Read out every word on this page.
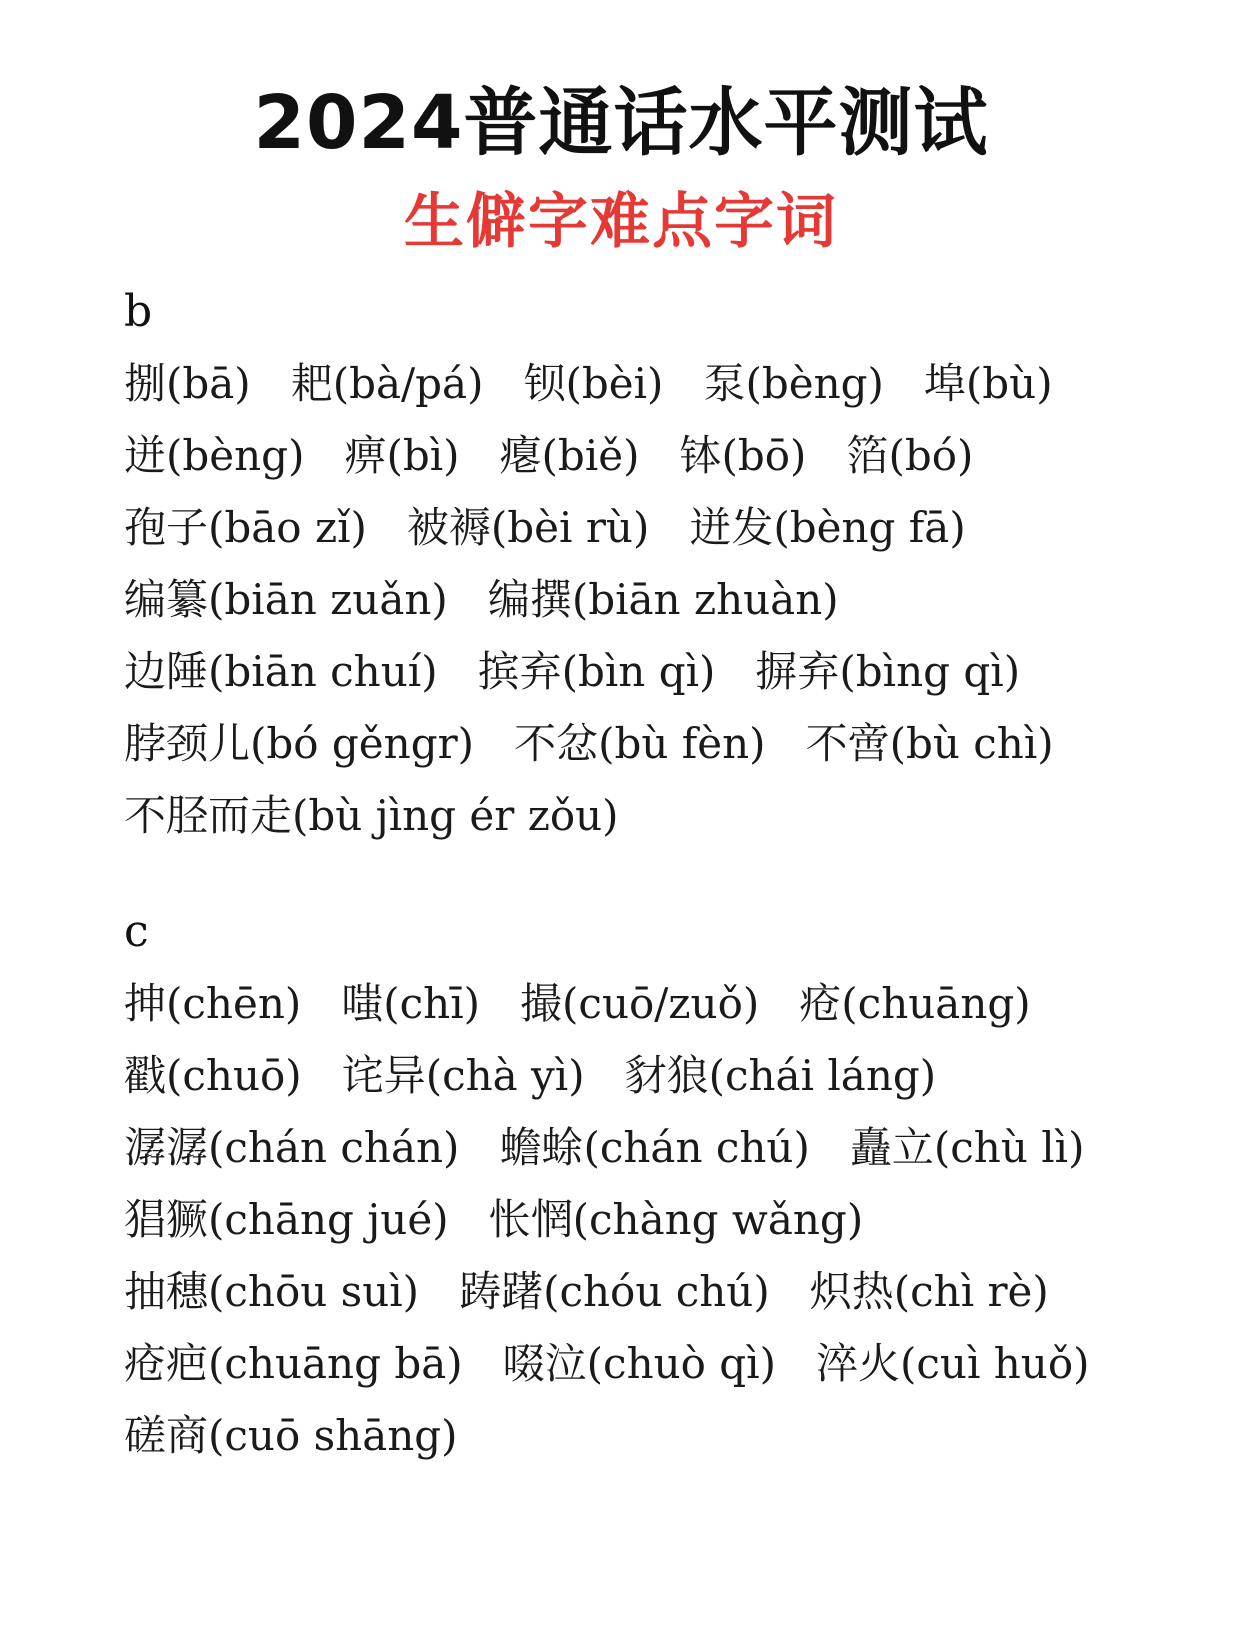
2024普通话水平测试
生僻字难点字词
b
捌(bā) 耙(bà/pá) 钡(bèi) 泵(bèng) 埠(bù)
迸(bèng) 痹(bì) 瘪(biě) 钵(bō) 箔(bó)
孢子(bāo zǐ) 被褥(bèi rù) 迸发(bèng fā)
编纂(biān zuǎn) 编撰(biān zhuàn)
边陲(biān chuí) 摈弃(bìn qì) 摒弃(bìng qì)
脖颈儿(bó gěngr) 不忿(bù fèn) 不啻(bù chì)
不胫而走(bù jìng ér zǒu)
c
抻(chēn) 嗤(chī) 撮(cuō/zuǒ) 疮(chuāng)
戳(chuō) 诧异(chà yì) 豺狼(chái láng)
潺潺(chán chán) 蟾蜍(chán chú) 矗立(chù lì)
猖獗(chāng jué) 怅惘(chàng wǎng)
抽穗(chōu suì) 踌躇(chóu chú) 炽热(chì rè)
疮疤(chuāng bā) 啜泣(chuò qì) 淬火(cuì huǒ)
磋商(cuō shāng)
